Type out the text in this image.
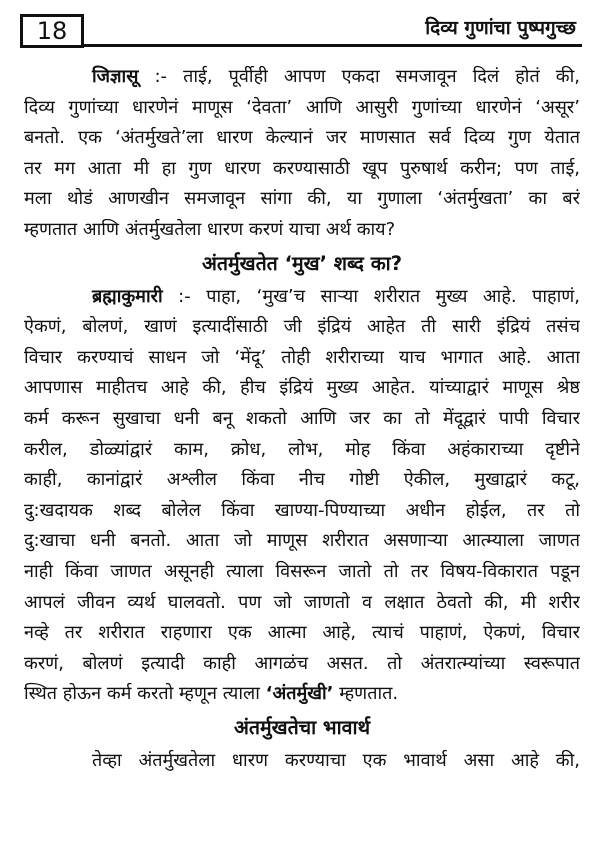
18	दिव्य गुणांचा पुष्पगुच्छ
जिज्ञासू :- ताई, पूर्वीही आपण एकदा समजावून दिलं होतं की,
दिव्य गुणांच्या धारणेनं माणूस ‘देवता’ आणि आसुरी गुणांच्या धारणेनं ‘असूर’
बनतो. एक ‘अंतर्मुखते’ला धारण केल्यानं जर माणसात सर्व दिव्य गुण येतात
तर मग आता मी हा गुण धारण करण्यासाठी खूप पुरुषार्थ करीन; पण ताई,
मला थोडं आणखीन समजावून सांगा की, या गुणाला ‘अंतर्मुखता’ का बरं
म्हणतात आणि अंतर्मुखतेला धारण करणं याचा अर्थ काय?
अंतर्मुखतेत ‘मुख’ शब्द का?
ब्रह्माकुमारी :- पाहा, ‘मुख’च साऱ्या शरीरात मुख्य आहे. पाहाणं,
ऐकणं, बोलणं, खाणं इत्यादींसाठी जी इंद्रियं आहेत ती सारी इंद्रियं तसंच
विचार करण्याचं साधन जो ‘मेंदू’ तोही शरीराच्या याच भागात आहे. आता
आपणास माहीतच आहे की, हीच इंद्रियं मुख्य आहेत. यांच्याद्वारं माणूस श्रेष्ठ
कर्म करून सुखाचा धनी बनू शकतो आणि जर का तो मेंदूद्वारं पापी विचार
करील, डोळ्यांद्वारं काम, क्रोध, लोभ, मोह किंवा अहंकाराच्या दृष्टीने
काही, कानांद्वारं अश्लील किंवा नीच गोष्टी ऐकील, मुखाद्वारं कटू,
दु:खदायक शब्द बोलेल किंवा खाण्या-पिण्याच्या अधीन होईल, तर तो
दु:खाचा धनी बनतो. आता जो माणूस शरीरात असणाऱ्या आत्म्याला जाणत
नाही किंवा जाणत असूनही त्याला विसरून जातो तो तर विषय-विकारात पडून
आपलं जीवन व्यर्थ घालवतो. पण जो जाणतो व लक्षात ठेवतो की, मी शरीर
नव्हे तर शरीरात राहणारा एक आत्मा आहे, त्याचं पाहाणं, ऐकणं, विचार
करणं, बोलणं इत्यादी काही आगळंच असत. तो अंतरात्म्यांच्या स्वरूपात
स्थित होऊन कर्म करतो म्हणून त्याला ‘अंतर्मुखी’ म्हणतात.
अंतर्मुखतेचा भावार्थ
तेव्हा अंतर्मुखतेला धारण करण्याचा एक भावार्थ असा आहे की,
